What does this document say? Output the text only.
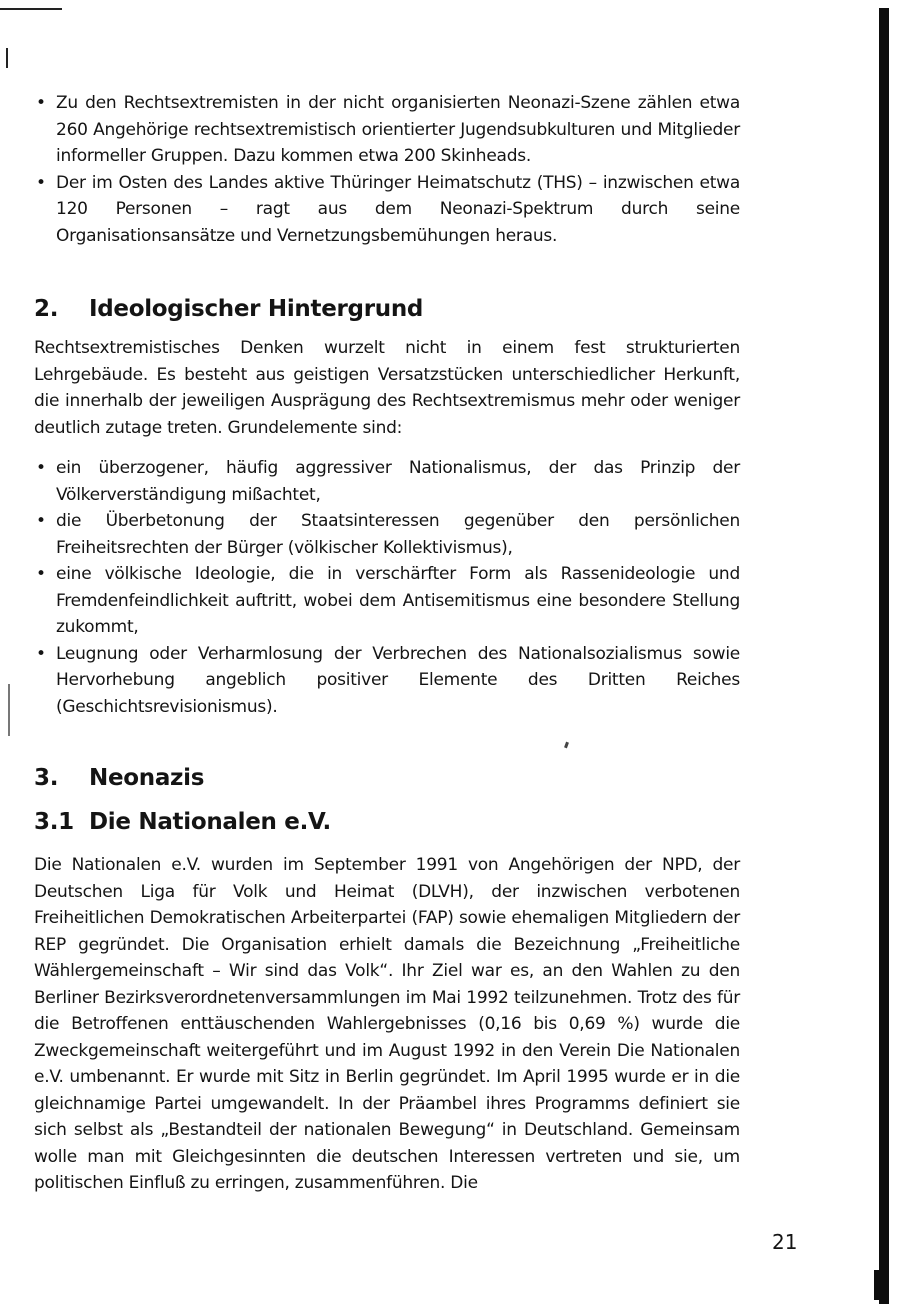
• Zu den Rechtsextremisten in der nicht organisierten Neonazi-Szene zählen etwa 260 Angehörige rechtsextremistisch orientierter Jugendsubkulturen und Mitglieder informeller Gruppen. Dazu kommen etwa 200 Skinheads.
• Der im Osten des Landes aktive Thüringer Heimatschutz (THS) – inzwischen etwa 120 Personen – ragt aus dem Neonazi-Spektrum durch seine Organisationsansätze und Vernetzungsbemühungen heraus.
2. Ideologischer Hintergrund

Rechtsextremistisches Denken wurzelt nicht in einem fest strukturierten Lehrgebäude. Es besteht aus geistigen Versatzstücken unterschiedlicher Herkunft, die innerhalb der jeweiligen Ausprägung des Rechtsextremismus mehr oder weniger deutlich zutage treten. Grundelemente sind:

• ein überzogener, häufig aggressiver Nationalismus, der das Prinzip der Völkerverständigung mißachtet,
• die Überbetonung der Staatsinteressen gegenüber den persönlichen Freiheitsrechten der Bürger (völkischer Kollektivismus),
• eine völkische Ideologie, die in verschärfter Form als Rassenideologie und Fremdenfeindlichkeit auftritt, wobei dem Antisemitismus eine besondere Stellung zukommt,
• Leugnung oder Verharmlosung der Verbrechen des Nationalsozialismus sowie Hervorhebung angeblich positiver Elemente des Dritten Reiches (Geschichtsrevisionismus).
3. Neonazis
3.1 Die Nationalen e.V.

Die Nationalen e.V. wurden im September 1991 von Angehörigen der NPD, der Deutschen Liga für Volk und Heimat (DLVH), der inzwischen verbotenen Freiheitlichen Demokratischen Arbeiterpartei (FAP) sowie ehemaligen Mitgliedern der REP gegründet. Die Organisation erhielt damals die Bezeichnung „Freiheitliche Wählergemeinschaft – Wir sind das Volk“. Ihr Ziel war es, an den Wahlen zu den Berliner Bezirksverordnetenversammlungen im Mai 1992 teilzunehmen. Trotz des für die Betroffenen enttäuschenden Wahlergebnisses (0,16 bis 0,69 %) wurde die Zweckgemeinschaft weitergeführt und im August 1992 in den Verein Die Nationalen e.V. umbenannt. Er wurde mit Sitz in Berlin gegründet. Im April 1995 wurde er in die gleichnamige Partei umgewandelt. In der Präambel ihres Programms definiert sie sich selbst als „Bestandteil der nationalen Bewegung“ in Deutschland. Gemeinsam wolle man mit Gleichgesinnten die deutschen Interessen vertreten und sie, um politischen Einfluß zu erringen, zusammenführen. Die

21
